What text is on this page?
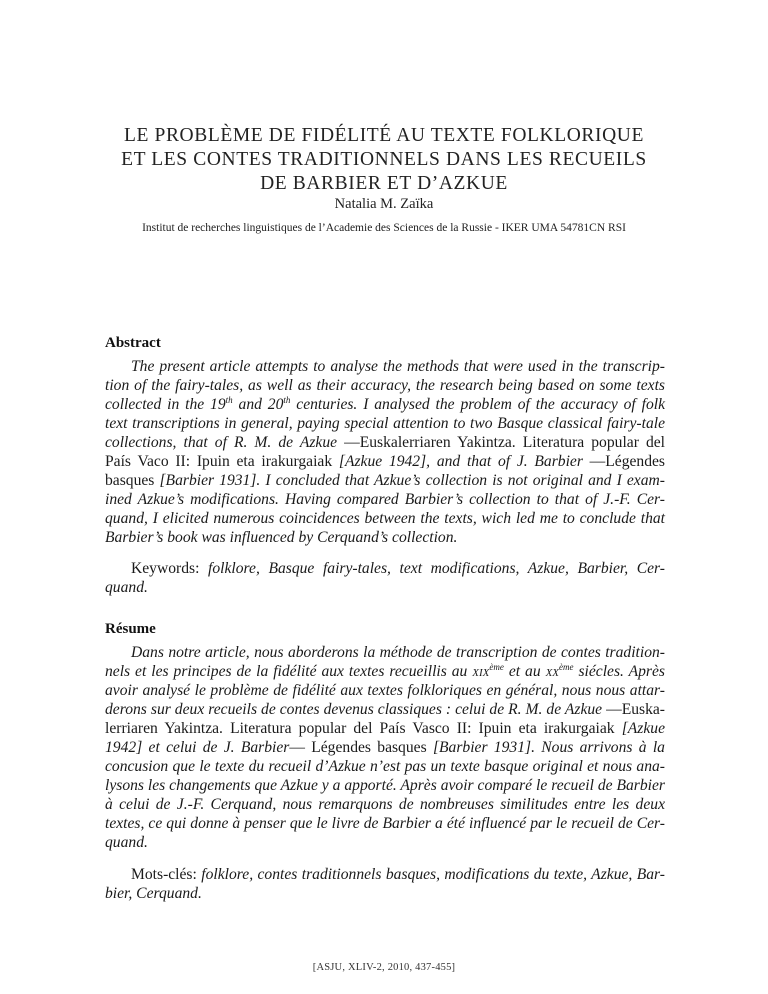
LE PROBLÈME DE FIDÉLITÉ AU TEXTE FOLKLORIQUE
ET LES CONTES TRADITIONNELS DANS LES RECUEILS
DE BARBIER ET D’AZKUE
Natalia M. Zaïka
Institut de recherches linguistiques de l’Academie des Sciences de la Russie - IKER UMA 54781CN RSI
Abstract
The present article attempts to analyse the methods that were used in the transcrip-
tion of the fairy-tales, as well as their accuracy, the research being based on some texts
collected in the 19th and 20th centuries. I analysed the problem of the accuracy of folk
text transcriptions in general, paying special attention to two Basque classical fairy-tale
collections, that of R. M. de Azkue —Euskalerriaren Yakintza. Literatura popular del
País Vaco II: Ipuin eta irakurgaiak [Azkue 1942], and that of J. Barbier —Légendes
basques [Barbier 1931]. I concluded that Azkue’s collection is not original and I exam-
ined Azkue’s modifications. Having compared Barbier’s collection to that of J.-F. Cer-
quand, I elicited numerous coincidences between the texts, wich led me to conclude that
Barbier’s book was influenced by Cerquand’s collection.
Keywords: folklore, Basque fairy-tales, text modifications, Azkue, Barbier, Cer-
quand.
Résume
Dans notre article, nous aborderons la méthode de transcription de contes tradition-
nels et les principes de la fidélité aux textes recueillis au xix$^{ème}$ et au $xx^{ème}$ siécles. Après
avoir analysé le problème de fidélité aux textes folkloriques en général, nous nous attar-
derons sur deux recueils de contes devenus classiques : celui de R. M. de Azkue —Euska-
lerriaren Yakintza. Literatura popular del País Vasco II: Ipuin eta irakurgaiak [Azkue
1942] et celui de J. Barbier— Légendes basques [Barbier 1931]. Nous arrivons à la
concusion que le texte du recueil d’Azkue n’est pas un texte basque original et nous ana-
lysons les changements que Azkue y a apporté. Après avoir comparé le recueil de Barbier
à celui de J.-F. Cerquand, nous remarquons de nombreuses similitudes entre les deux
textes, ce qui donne à penser que le livre de Barbier a été influencé par le recueil de Cer-
quand.
Mots-clés: folklore, contes traditionnels basques, modifications du texte, Azkue, Bar-
bier, Cerquand.
[ASJU, XLIV-2, 2010, 437-455]
